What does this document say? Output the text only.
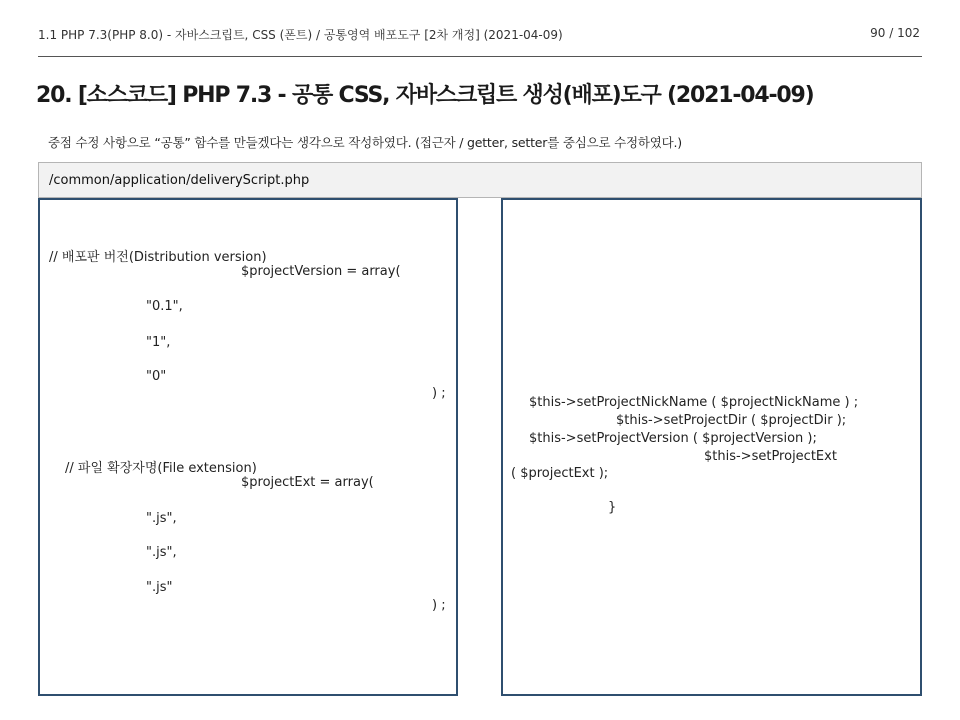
1.1 PHP 7.3(PHP 8.0) - 자바스크립트, CSS (폰트) / 공통영역 배포도구 [2차 개정] (2021-04-09)	90 / 102
20. [소스코드] PHP 7.3 - 공통 CSS, 자바스크립트 생성(배포)도구 (2021-04-09)

중점 수정 사항으로 “공통” 함수를 만들겠다는 생각으로 작성하였다. (접근자 / getter, setter를 중심으로 수정하였다.)

/common/application/deliveryScript.php
// 배포판 버전(Distribution version)
$projectVersion = array(
"0.1",
"1",
"0"
) ;
// 파일 확장자명(File extension)
$projectExt = array(
".js",
".js",
".js"
) ;
$this->setProjectNickName ( $projectNickName ) ;
$this->setProjectDir ( $projectDir );
$this->setProjectVersion ( $projectVersion );
$this->setProjectExt
( $projectExt );
}
